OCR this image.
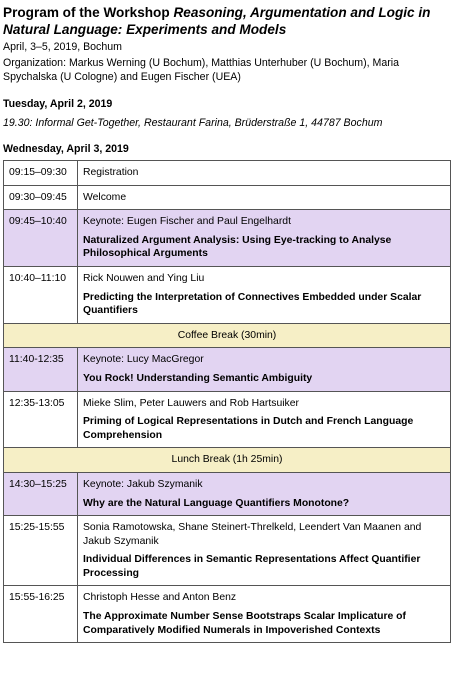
Program of the Workshop Reasoning, Argumentation and Logic in Natural Language: Experiments and Models

April, 3–5, 2019, Bochum

Organization: Markus Werning (U Bochum), Matthias Unterhuber (U Bochum), Maria Spychalska (U Cologne) and Eugen Fischer (UEA)

Tuesday, April 2, 2019

19.30: Informal Get-Together, Restaurant Farina, Brüderstraße 1, 44787 Bochum

Wednesday, April 3, 2019

09:15–09:30	Registration
09:30–09:45	Welcome
09:45–10:40	Keynote: Eugen Fischer and Paul Engelhardt
Naturalized Argument Analysis: Using Eye-tracking to Analyse Philosophical Arguments

10:40–11:10	Rick Nouwen and Ying Liu
Predicting the Interpretation of Connectives Embedded under Scalar Quantifiers

Coffee Break (30min)	
11:40-12:35	Keynote: Lucy MacGregor
You Rock! Understanding Semantic Ambiguity

12:35-13:05	Mieke Slim, Peter Lauwers and Rob Hartsuiker
Priming of Logical Representations in Dutch and French Language Comprehension

Lunch Break (1h 25min)	
14:30–15:25	Keynote: Jakub Szymanik
Why are the Natural Language Quantifiers Monotone?

15:25-15:55	Sonia Ramotowska, Shane Steinert-Threlkeld, Leendert Van Maanen and Jakub Szymanik
Individual Differences in Semantic Representations Affect Quantifier Processing

15:55-16:25	Christoph Hesse and Anton Benz
The Approximate Number Sense Bootstraps Scalar Implicature of Comparatively Modified Numerals in Impoverished Contexts
